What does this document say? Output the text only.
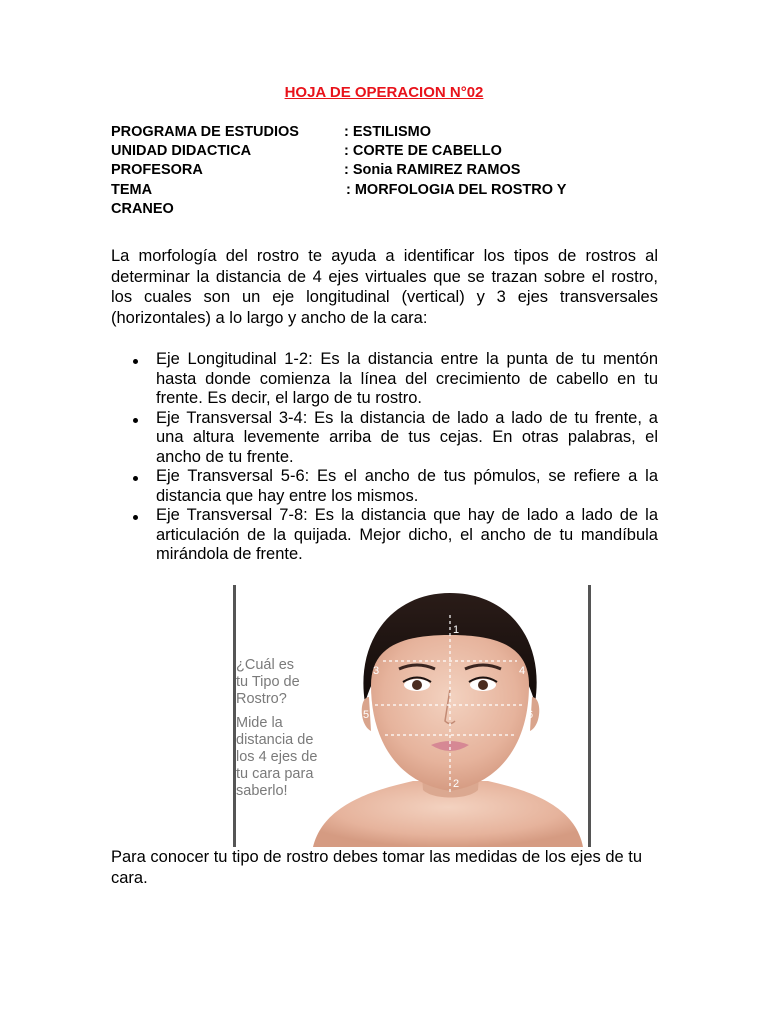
HOJA DE OPERACION N°02
PROGRAMA DE ESTUDIOS	: ESTILISMO
UNIDAD DIDACTICA	: CORTE DE CABELLO
PROFESORA	: Sonia RAMIREZ RAMOS
TEMA	: MORFOLOGIA DEL ROSTRO Y
CRANEO

La morfología del rostro te ayuda a identificar los tipos de rostros al determinar la distancia de 4 ejes virtuales que se trazan sobre el rostro, los cuales son un eje longitudinal (vertical) y 3 ejes transversales (horizontales) a lo largo y ancho de la cara:

Eje Longitudinal 1-2: Es la distancia entre la punta de tu mentón hasta donde comienza la línea del crecimiento de cabello en tu frente. Es decir, el largo de tu rostro.
Eje Transversal 3-4: Es la distancia de lado a lado de tu frente, a una altura levemente arriba de tus cejas. En otras palabras, el ancho de tu frente.
Eje Transversal 5-6: Es el ancho de tus pómulos, se refiere a la distancia que hay entre los mismos.
Eje Transversal 7-8: Es la distancia que hay de lado a lado de la articulación de la quijada. Mejor dicho, el ancho de tu mandíbula mirándola de frente.
¿Cuál es
tu Tipo de
Rostro?
Mide la
distancia de
los 4 ejes de
tu cara para
saberlo!
1
2
3	4
5	6
7	8

Para conocer tu tipo de rostro debes tomar las medidas de los ejes de tu cara.
